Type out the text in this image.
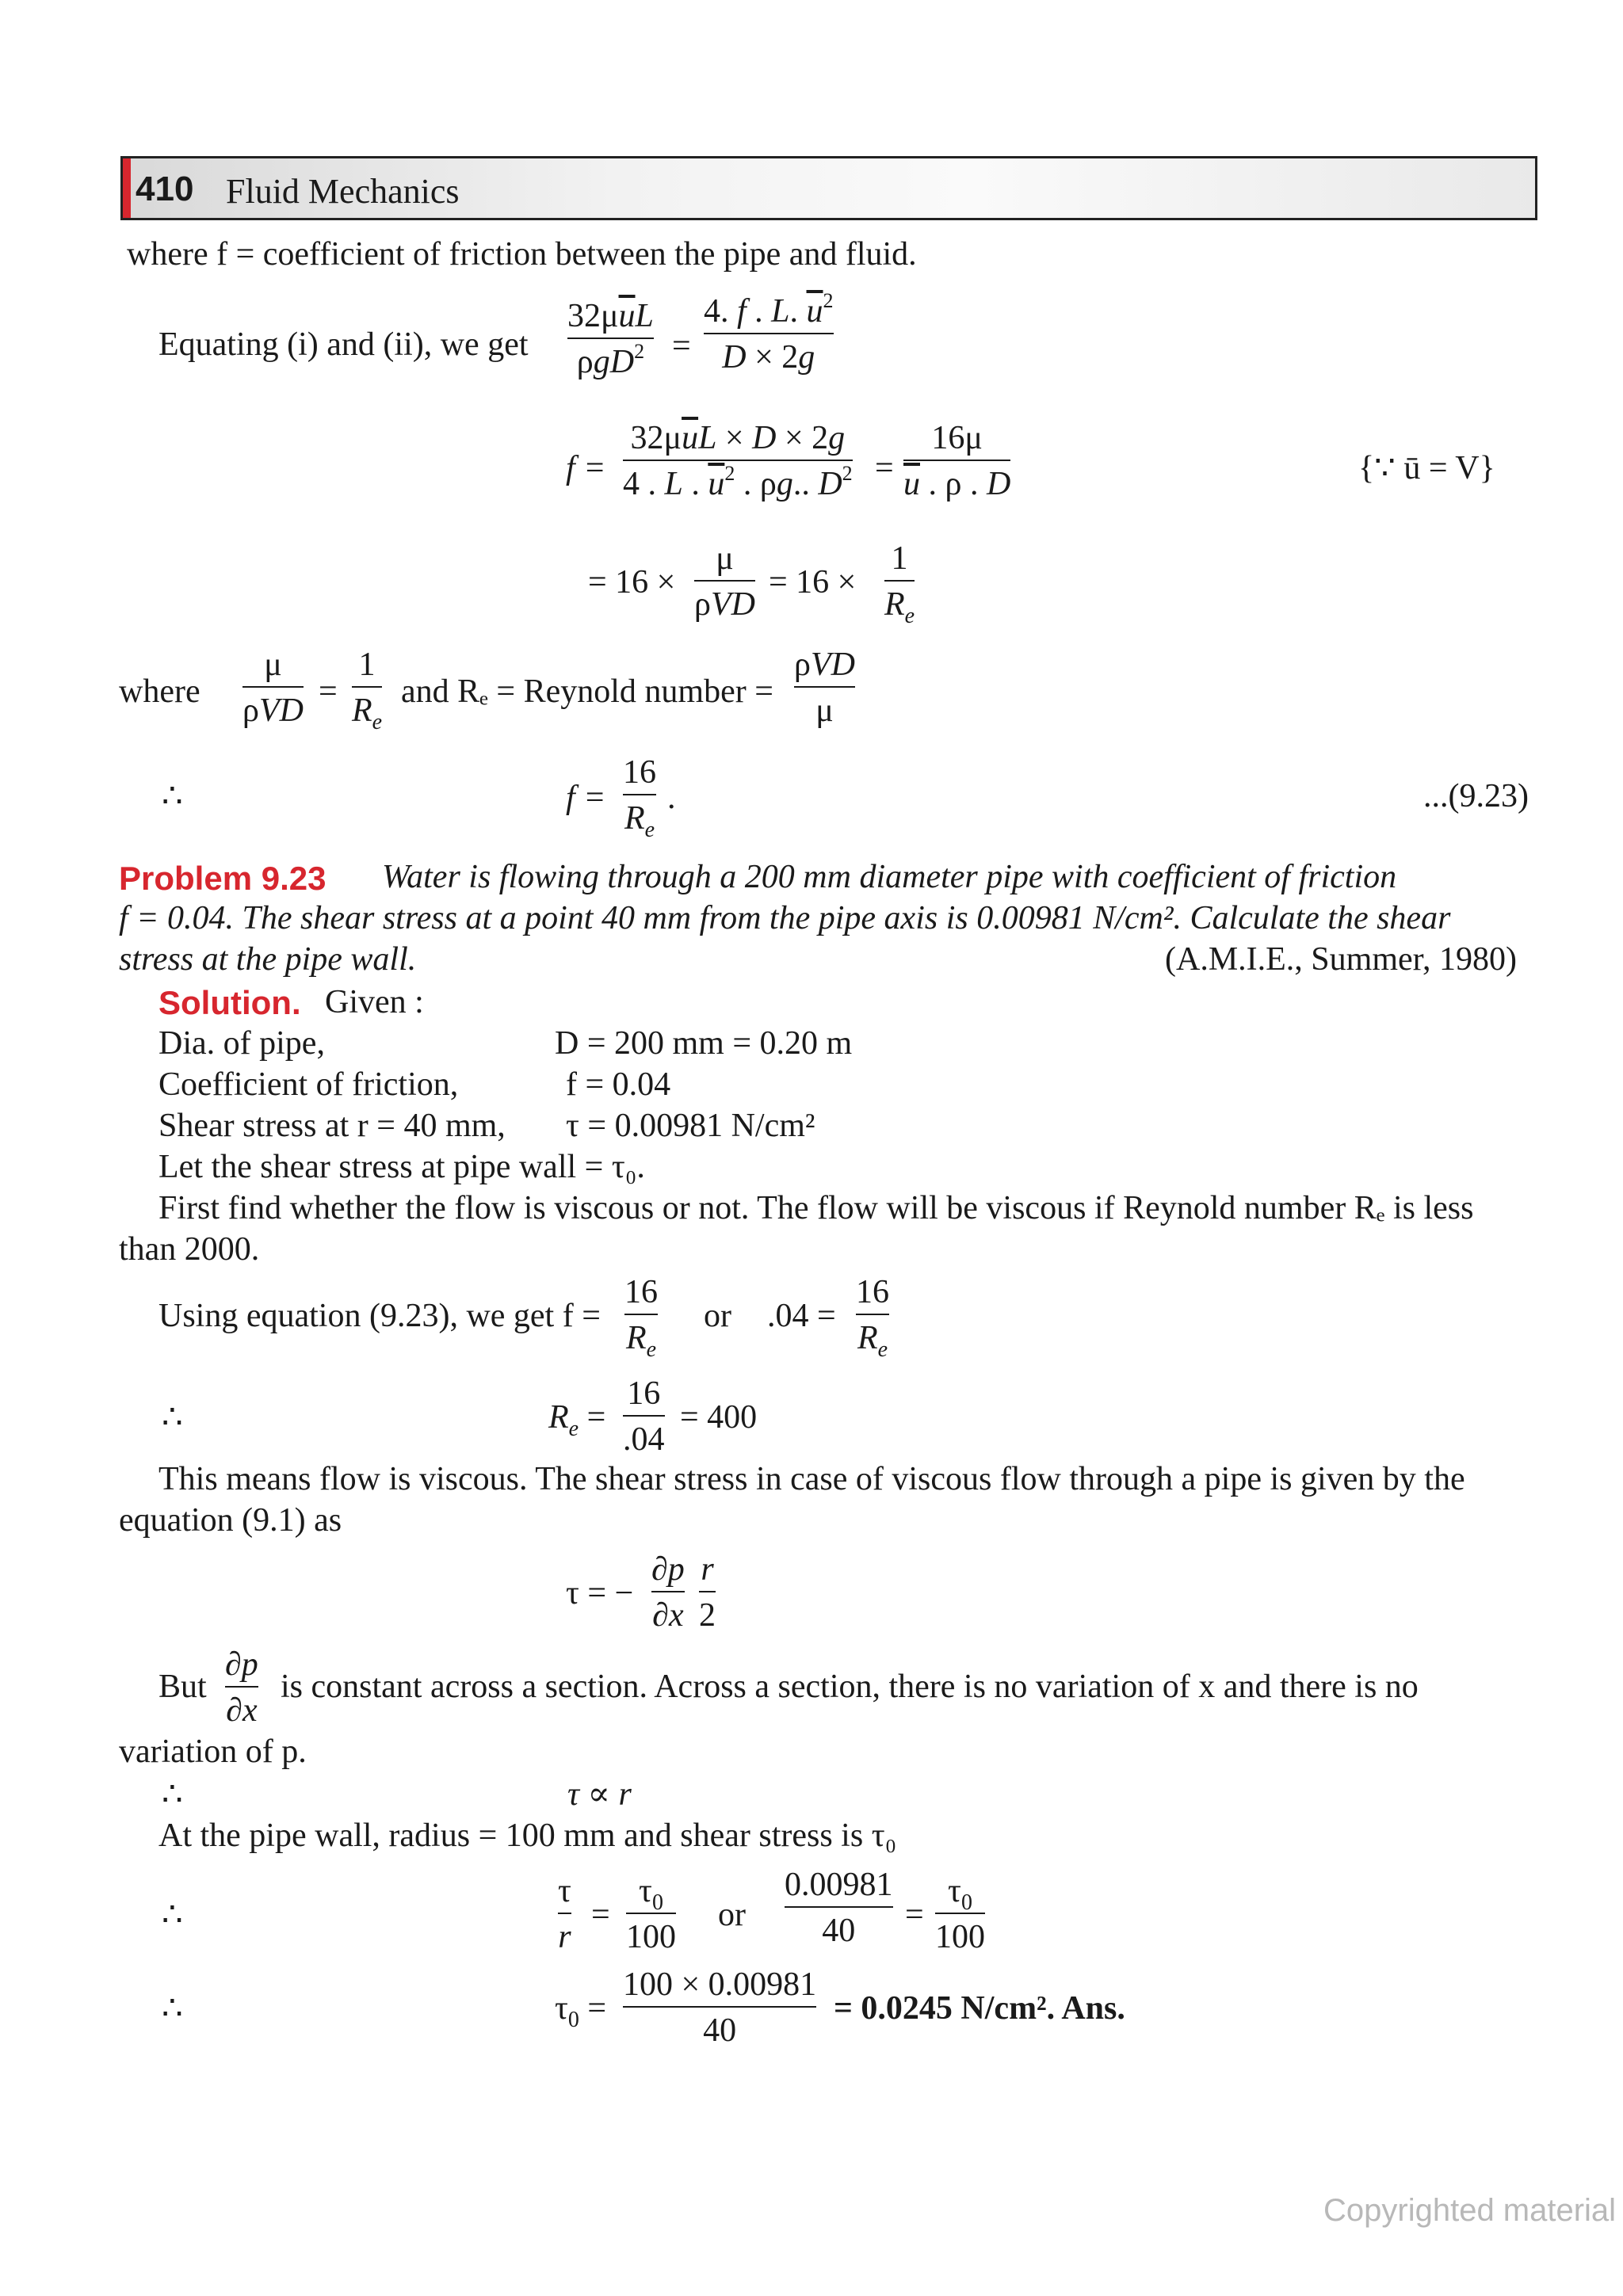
410 Fluid Mechanics
where f = coefficient of friction between the pipe and fluid.
Equating (i) and (ii), we get
$32\mu\overline{u}L$
ρgD$^2$ =
4. f . L. $\overline{u}^2$
D × 2g
f =
$32\mu\overline{u}L \times D \times 2g$
4 . L . $\overline{u}^2$ . ρg.. $D^2$ =
16μ
$\overline{u}$ . ρ . D	{∵ ū = V}
= 16 ×
μ
ρVD
= 16 ×
1
$R_e$
where
μ
ρVD
=
1
$R_e$
and Rₑ = Reynold number =
ρVD
μ
∴	f =
16
$R_e$
.	...(9.23)
Problem 9.23 Water is flowing through a 200 mm diameter pipe with coefficient of friction
f = 0.04. The shear stress at a point 40 mm from the pipe axis is 0.00981 N/cm². Calculate the shear
stress at the pipe wall.	(A.M.I.E., Summer, 1980)
Solution. Given :
Dia. of pipe,	D = 200 mm = 0.20 m
Coefficient of friction,	f = 0.04
Shear stress at r = 40 mm, τ = 0.00981 N/cm²
Let the shear stress at pipe wall = τ₀.
First find whether the flow is viscous or not. The flow will be viscous if Reynold number Rₑ is less
than 2000.
Using equation (9.23), we get f =
16
$R_e$
or .04 =
16
$R_e$
∴	$R_e$ =
16
.04
= 400
This means flow is viscous. The shear stress in case of viscous flow through a pipe is given by the
equation (9.1) as
τ = −
∂p
∂x
r
2
But
∂p
∂x
is constant across a section. Across a section, there is no variation of x and there is no
variation of p.
∴	τ ∝ r
At the pipe wall, radius = 100 mm and shear stress is τ₀
∴
τ
r
=
$\tau_0$
100
or
0.00981
40 =
$\tau_0$
100
∴	$\tau_0$ =
100 × 0.00981
40
= 0.0245 N/cm². Ans.
Copyrighted material
